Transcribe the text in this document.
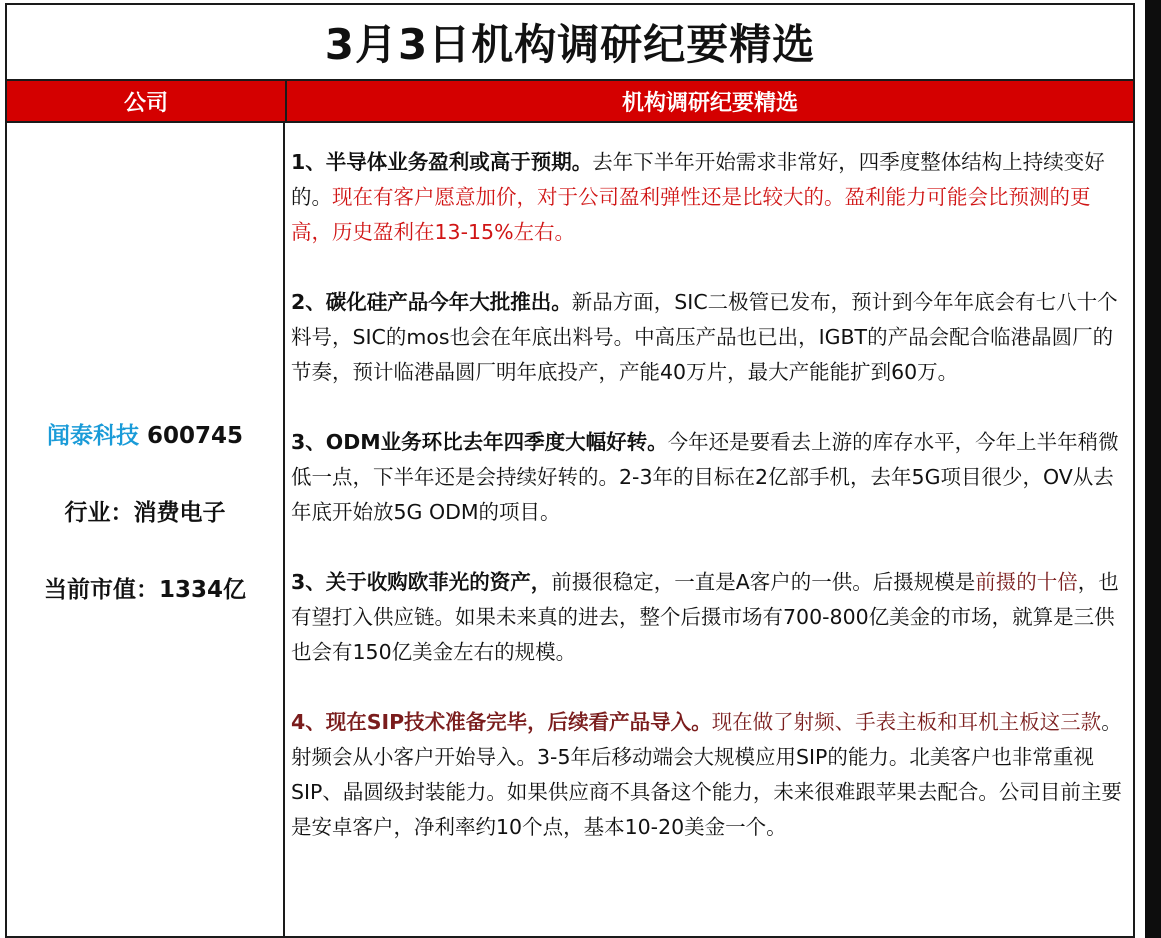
3月3日机构调研纪要精选
公司	机构调研纪要精选
闻泰科技 600745
行业：消费电子
当前市值：1334亿
1、半导体业务盈利或高于预期。去年下半年开始需求非常好，四季度整体结构上持续变好的。现在有客户愿意加价，对于公司盈利弹性还是比较大的。盈利能力可能会比预测的更高，历史盈利在13-15%左右。
2、碳化硅产品今年大批推出。新品方面，SIC二极管已发布，预计到今年年底会有七八十个料号，SIC的mos也会在年底出料号。中高压产品也已出，IGBT的产品会配合临港晶圆厂的节奏，预计临港晶圆厂明年底投产，产能40万片，最大产能能扩到60万。
3、ODM业务环比去年四季度大幅好转。今年还是要看去上游的库存水平，今年上半年稍微低一点，下半年还是会持续好转的。2-3年的目标在2亿部手机，去年5G项目很少，OV从去年底开始放5G ODM的项目。
3、关于收购欧菲光的资产，前摄很稳定，一直是A客户的一供。后摄规模是前摄的十倍，也有望打入供应链。如果未来真的进去，整个后摄市场有700-800亿美金的市场，就算是三供也会有150亿美金左右的规模。
4、现在SIP技术准备完毕，后续看产品导入。现在做了射频、手表主板和耳机主板这三款。射频会从小客户开始导入。3-5年后移动端会大规模应用SIP的能力。北美客户也非常重视SIP、晶圆级封装能力。如果供应商不具备这个能力，未来很难跟苹果去配合。公司目前主要是安卓客户，净利率约10个点，基本10-20美金一个。
